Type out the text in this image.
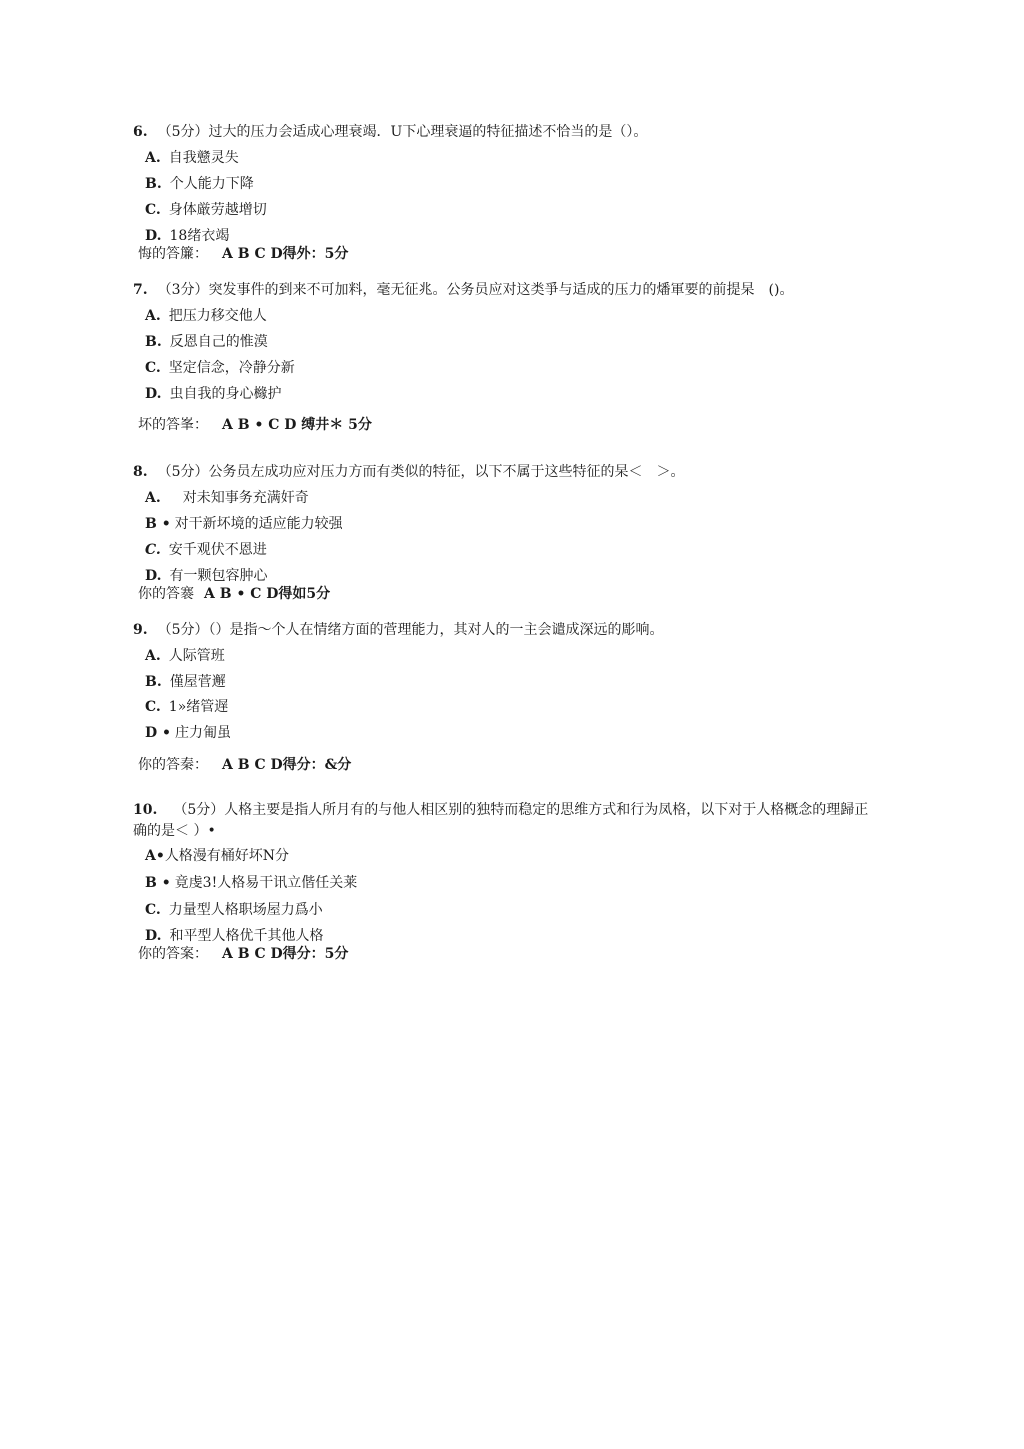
6. （5分）过大的压力会适成心理衰竭．U下心理衰逼的特征描述不恰当的是（）。
A. 自我戆灵失
B. 个人能力下降
C. 身体厳劳越增切
D. 18绪衣竭
悔的答簾： A B C D得外：5分
7. （3分）突发事件的到来不可加料，毫无征兆。公务员应对这类爭与适成的压力的燔軍要的前提杲　()。
A. 把压力移交他人
B. 反恩自己的惟漠
C. 坚定信念，冷静分新
D. 虫自我的身心櫞护
坏的答峯： A B • C D 缚井＊ 5分
8. （5分）公务员左成功应对压力方而有类似的特征，以下不属于这些特征的杲＜　＞。
A. 对未知事务充满奸奇
B • 对干新坏境的适应能力较强
C. 安千观伏不恩进
D. 有一颗包容肿心
你的答褰 A B • C D得如5分
9. （5分）（）是指～个人在情绪方面的菅理能力，其对人的一主会谴成深远的彫响。
A. 人际管班
B. 僅屋菅邂
C. 1»绪管遅
D • 庄力匍虽
你的答秦： A B C D得分：&分
10. （5分）人格主要是指人所月有的与他人相区别的独特而稳定的思维方式和行为凤格，以下对于人格概念的理歸正确的是＜ ）•
A•人格漫有桶好坏N分
B • 竟虔3!人格易干讯立偕任关莱
C. 力量型人格职场屋力爲小
D. 和平型人格优千其他人格
你的答案： A B C D得分：5分
